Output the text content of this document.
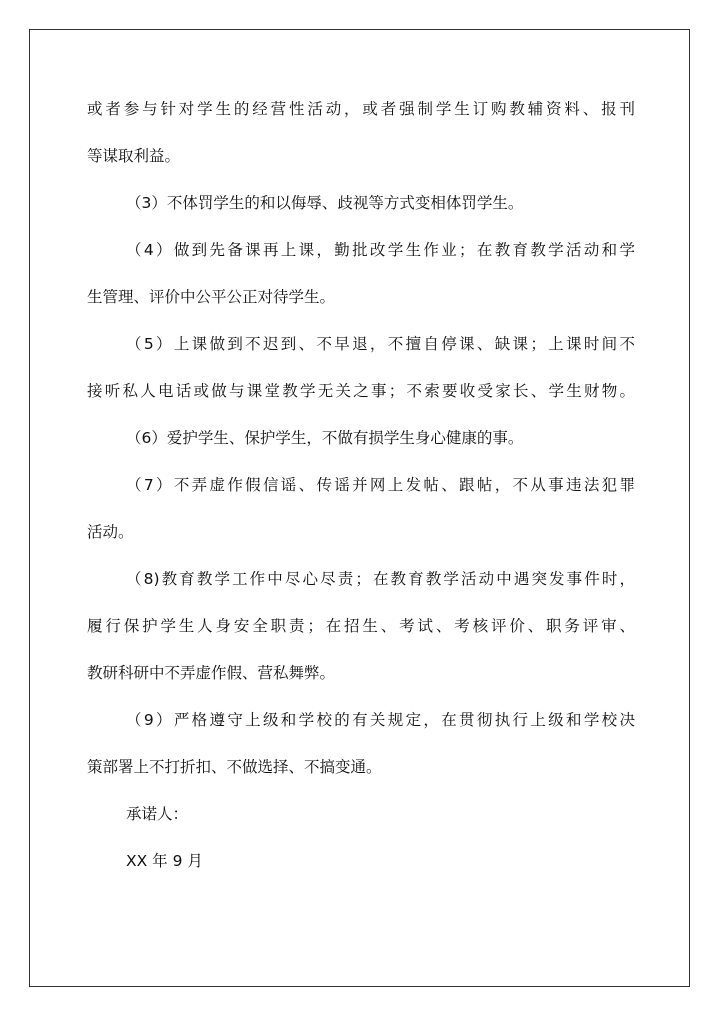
或者参与针对学生的经营性活动，或者强制学生订购教辅资料、报刊
等谋取利益。
（3）不体罚学生的和以侮辱、歧视等方式变相体罚学生。
（4）做到先备课再上课，勤批改学生作业；在教育教学活动和学
生管理、评价中公平公正对待学生。
（5）上课做到不迟到、不早退，不擅自停课、缺课；上课时间不
接听私人电话或做与课堂教学无关之事；不索要收受家长、学生财物。
（6）爱护学生、保护学生，不做有损学生身心健康的事。
（7）不弄虚作假信谣、传谣并网上发帖、跟帖，不从事违法犯罪
活动。
（8)教育教学工作中尽心尽责；在教育教学活动中遇突发事件时，
履行保护学生人身安全职责；在招生、考试、考核评价、职务评审、
教研科研中不弄虚作假、营私舞弊。
（9）严格遵守上级和学校的有关规定，在贯彻执行上级和学校决
策部署上不打折扣、不做选择、不搞变通。
承诺人：
XX 年 9 月
